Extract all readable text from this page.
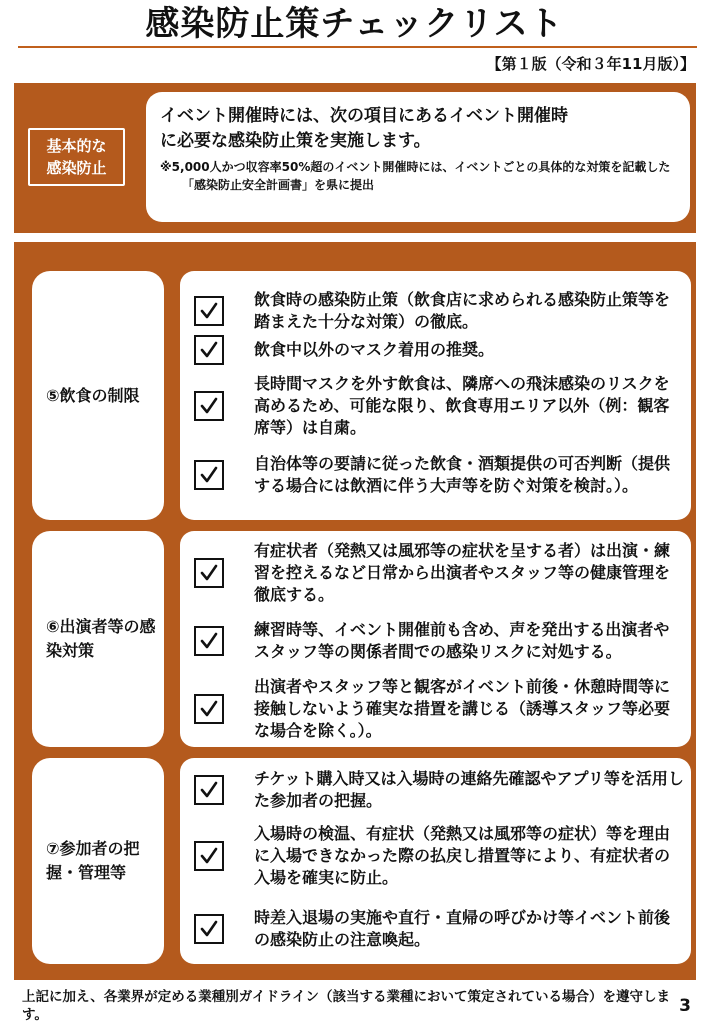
感染防止策チェックリスト
【第１版（令和３年11月版）】
基本的な
感染防止

イベント開催時には、次の項目にあるイベント開催時
に必要な感染防止策を実施します。

※5,000人かつ収容率50%超のイベント開催時には、イベントごとの具体的な対策を記載した「感染防止安全計画書」を県に提出

⑤飲食の制限
飲食時の感染防止策（飲食店に求められる感染防止策等を踏まえた十分な対策）の徹底。
飲食中以外のマスク着用の推奨。
長時間マスクを外す飲食は、隣席への飛沫感染のリスクを高めるため、可能な限り、飲食専用エリア以外（例：観客席等）は自粛。
自治体等の要請に従った飲食・酒類提供の可否判断（提供する場合には飲酒に伴う大声等を防ぐ対策を検討。）。
⑥出演者等の感染対策
有症状者（発熱又は風邪等の症状を呈する者）は出演・練習を控えるなど日常から出演者やスタッフ等の健康管理を徹底する。
練習時等、イベント開催前も含め、声を発出する出演者やスタッフ等の関係者間での感染リスクに対処する。
出演者やスタッフ等と観客がイベント前後・休憩時間等に接触しないよう確実な措置を講じる（誘導スタッフ等必要な場合を除く。）。
⑦参加者の把握・管理等
チケット購入時又は入場時の連絡先確認やアプリ等を活用した参加者の把握。
入場時の検温、有症状（発熱又は風邪等の症状）等を理由に入場できなかった際の払戻し措置等により、有症状者の入場を確実に防止。
時差入退場の実施や直行・直帰の呼びかけ等イベント前後の感染防止の注意喚起。
上記に加え、各業界が定める業種別ガイドライン（該当する業種において策定されている場合）を遵守します。	3
